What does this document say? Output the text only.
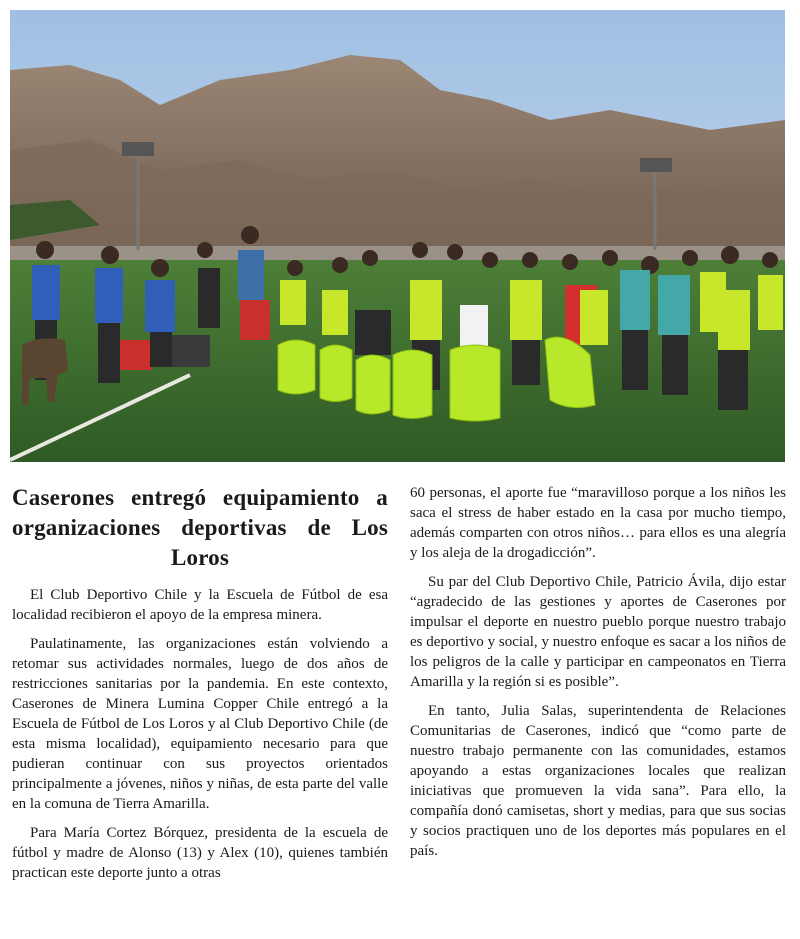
Caserones entregó equipamiento a organizaciones deportivas de Los Loros

El Club Deportivo Chile y la Escuela de Fútbol de esa localidad recibieron el apoyo de la empresa minera.

Paulatinamente, las organizaciones están volviendo a retomar sus actividades normales, luego de dos años de restricciones sanitarias por la pandemia. En este contexto, Caserones de Minera Lumina Copper Chile entregó a la Escuela de Fútbol de Los Loros y al Club Deportivo Chile (de esta misma localidad), equipamiento necesario para que pudieran continuar con sus proyectos orientados principalmente a jóvenes, niños y niñas, de esta parte del valle en la comuna de Tierra Amarilla.

Para María Cortez Bórquez, presidenta de la escuela de fútbol y madre de Alonso (13) y Alex (10), quienes también practican este deporte junto a otras

60 personas, el aporte fue “maravilloso porque a los niños les saca el stress de haber estado en la casa por mucho tiempo, además comparten con otros niños… para ellos es una alegría y los aleja de la drogadicción”.

Su par del Club Deportivo Chile, Patricio Ávila, dijo estar “agradecido de las gestiones y aportes de Caserones por impulsar el deporte en nuestro pueblo porque nuestro trabajo es deportivo y social, y nuestro enfoque es sacar a los niños de los peligros de la calle y participar en campeonatos en Tierra Amarilla y la región si es posible”.

En tanto, Julia Salas, superintendenta de Relaciones Comunitarias de Caserones, indicó que “como parte de nuestro trabajo permanente con las comunidades, estamos apoyando a estas organizaciones locales que realizan iniciativas que promueven la vida sana”. Para ello, la compañía donó camisetas, short y medias, para que sus socias y socios practiquen uno de los deportes más populares en el país.
